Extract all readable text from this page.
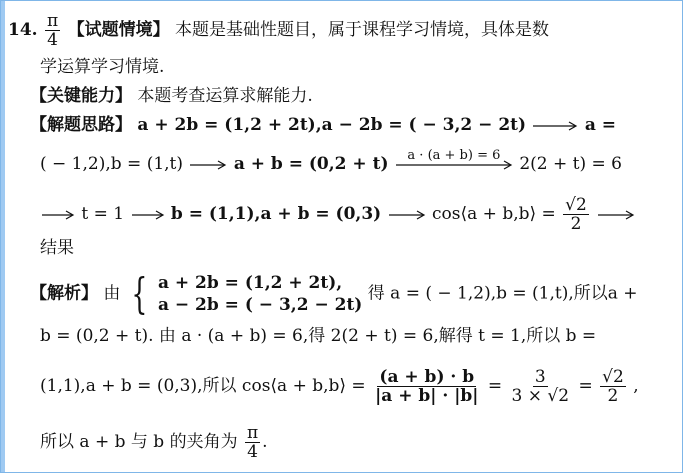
14. $\frac{\pi}{4}$ 【试题情境】 本题是基础性题目，属于课程学习情境，具体是数
学运算学习情境.
【关键能力】 本题考查运算求解能力.
【解题思路】 a + 2b = (1,2 + 2t),a − 2b = ( − 3,2 − 2t)	a =
( − 1,2),b = (1,t)	a + b = (0,2 + t)	a · (a + b) = 6	2(2 + t) = 6
t = 1	b = (1,1),a + b = (0,3)	cos⟨a + b,b⟩ = $\frac{√2}{2}$

结果
【解析】 由 { a + 2b = (1,2 + 2t),
a − 2b = ( − 3,2 − 2t)
得 a = ( − 1,2),b = (1,t),所以a +
b = (0,2 + t). 由 a · (a + b) = 6,得 2(2 + t) = 6,解得 t = 1,所以 b =
(1,1),a + b = (0,3),所以 cos⟨a + b,b⟩ = $\frac{(a + b) \cdot b}{|a + b| \cdot |b|} = \frac{3}{3 \times √2} = \frac{√2}{2}$ ,
所以 a + b 与 b 的夹角为 $\frac{\pi}{4}$ .
